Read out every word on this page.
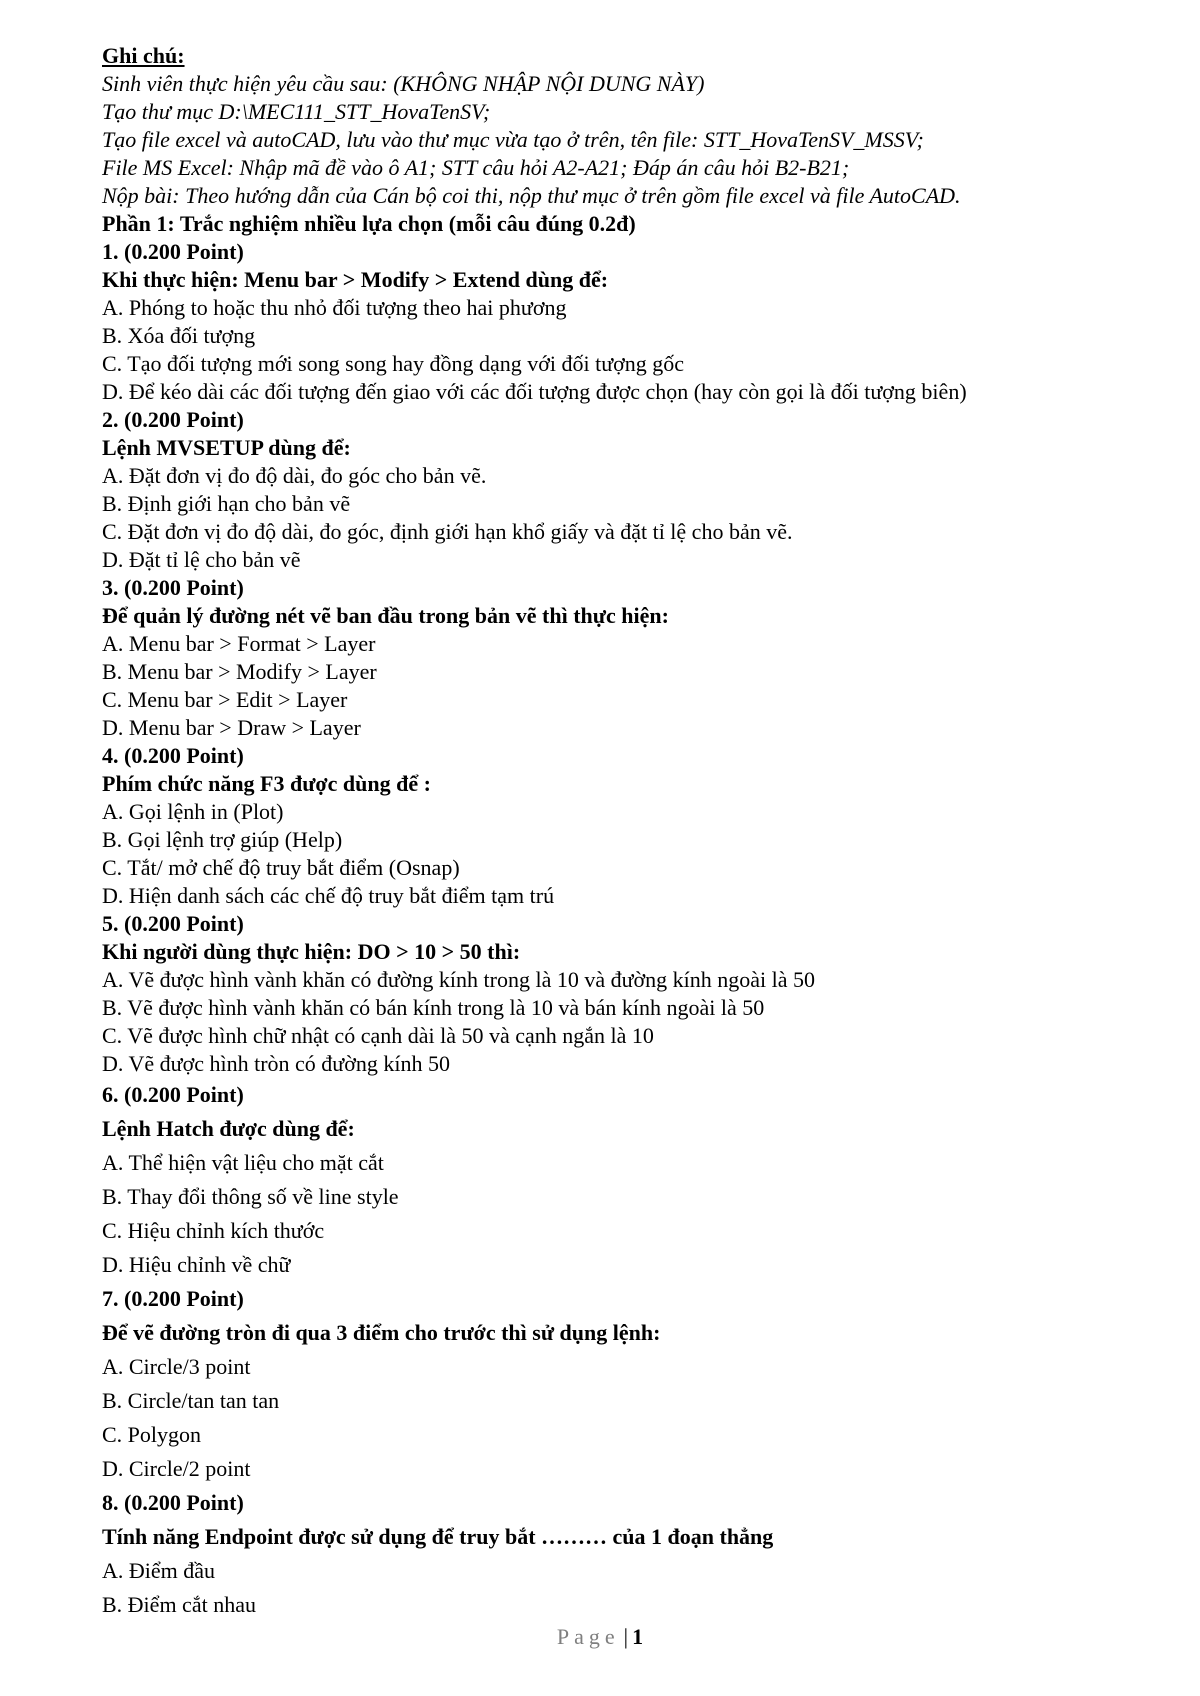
Ghi chú:
Sinh viên thực hiện yêu cầu sau: (KHÔNG NHẬP NỘI DUNG NÀY)
Tạo thư mục D:\MEC111_STT_HovaTenSV;
Tạo file excel và autoCAD, lưu vào thư mục vừa tạo ở trên, tên file: STT_HovaTenSV_MSSV;
File MS Excel: Nhập mã đề vào ô A1; STT câu hỏi A2-A21; Đáp án câu hỏi B2-B21;
Nộp bài: Theo hướng dẫn của Cán bộ coi thi, nộp thư mục ở trên gồm file excel và file AutoCAD.
Phần 1: Trắc nghiệm nhiều lựa chọn (mỗi câu đúng 0.2đ)
1. (0.200 Point)
Khi thực hiện: Menu bar > Modify > Extend dùng để:
A. Phóng to hoặc thu nhỏ đối tượng theo hai phương
B. Xóa đối tượng
C. Tạo đối tượng mới song song hay đồng dạng với đối tượng gốc
D. Để kéo dài các đối tượng đến giao với các đối tượng được chọn (hay còn gọi là đối tượng biên)
2. (0.200 Point)
Lệnh MVSETUP dùng để:
A. Đặt đơn vị đo độ dài, đo góc cho bản vẽ.
B. Định giới hạn cho bản vẽ
C. Đặt đơn vị đo độ dài, đo góc, định giới hạn khổ giấy và đặt tỉ lệ cho bản vẽ.
D. Đặt tỉ lệ cho bản vẽ
3. (0.200 Point)
Để quản lý đường nét vẽ ban đầu trong bản vẽ thì thực hiện:
A. Menu bar > Format > Layer
B. Menu bar > Modify > Layer
C. Menu bar > Edit > Layer
D. Menu bar > Draw > Layer
4. (0.200 Point)
Phím chức năng F3 được dùng để :
A. Gọi lệnh in (Plot)
B. Gọi lệnh trợ giúp (Help)
C. Tắt/ mở chế độ truy bắt điểm (Osnap)
D. Hiện danh sách các chế độ truy bắt điểm tạm trú
5. (0.200 Point)
Khi người dùng thực hiện: DO > 10 > 50 thì:
A. Vẽ được hình vành khăn có đường kính trong là 10 và đường kính ngoài là 50
B. Vẽ được hình vành khăn có bán kính trong là 10 và bán kính ngoài là 50
C. Vẽ được hình chữ nhật có cạnh dài là 50 và cạnh ngắn là 10
D. Vẽ được hình tròn có đường kính 50
6. (0.200 Point)
Lệnh Hatch được dùng để:
A. Thể hiện vật liệu cho mặt cắt
B. Thay đổi thông số về line style
C. Hiệu chỉnh kích thước
D. Hiệu chỉnh về chữ
7. (0.200 Point)
Để vẽ đường tròn đi qua 3 điểm cho trước thì sử dụng lệnh:
A. Circle/3 point
B. Circle/tan tan tan
C. Polygon
D. Circle/2 point
8. (0.200 Point)
Tính năng Endpoint được sử dụng để truy bắt ……… của 1 đoạn thẳng
A. Điểm đầu
B. Điểm cắt nhau
Page | 1
